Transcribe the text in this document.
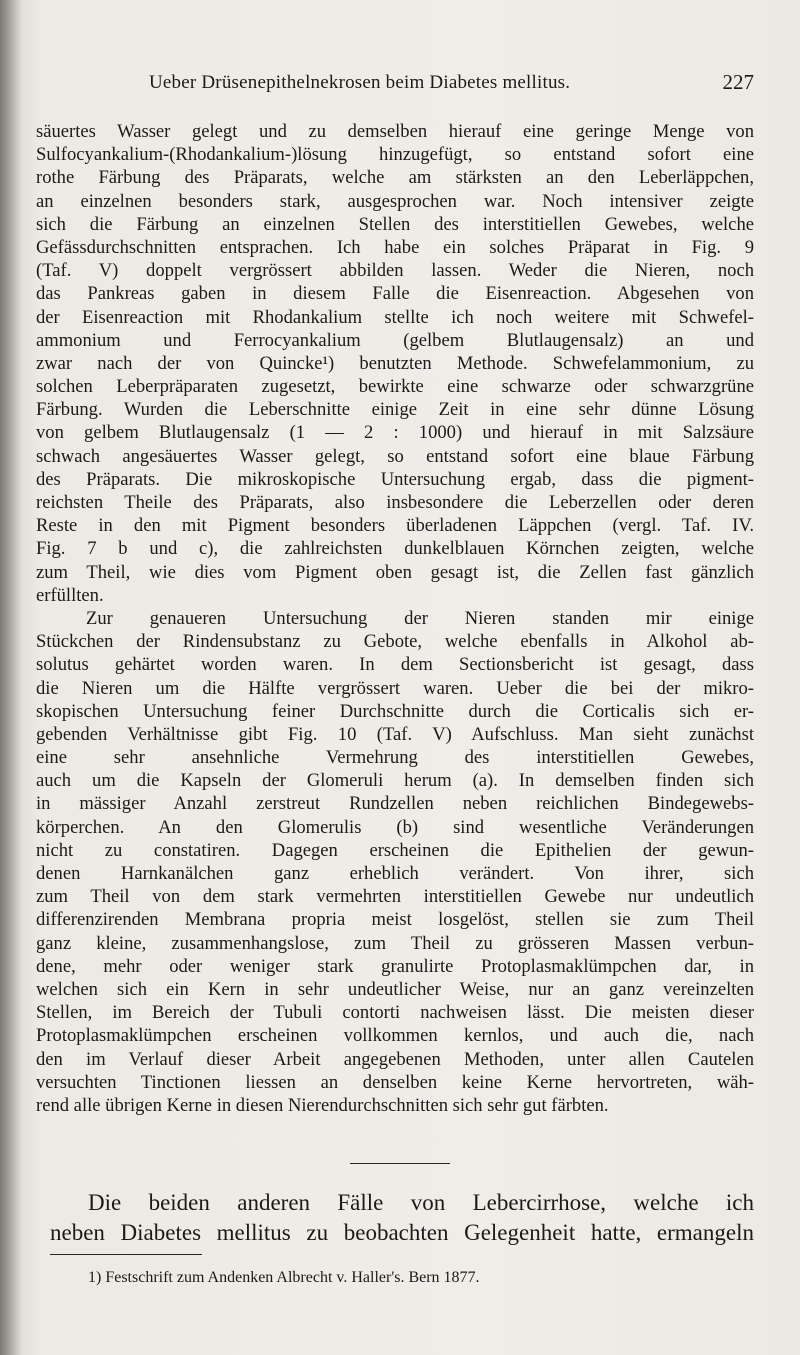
Ueber Drüsenepithelnekrosen beim Diabetes mellitus.	227
säuertes Wasser gelegt und zu demselben hierauf eine geringe Menge von
Sulfocyankalium-(Rhodankalium-)lösung hinzugefügt, so entstand sofort eine
rothe Färbung des Präparats, welche am stärksten an den Leberläppchen,
an einzelnen besonders stark, ausgesprochen war. Noch intensiver zeigte
sich die Färbung an einzelnen Stellen des interstitiellen Gewebes, welche
Gefässdurchschnitten entsprachen. Ich habe ein solches Präparat in Fig. 9
(Taf. V) doppelt vergrössert abbilden lassen. Weder die Nieren, noch
das Pankreas gaben in diesem Falle die Eisenreaction. Abgesehen von
der Eisenreaction mit Rhodankalium stellte ich noch weitere mit Schwefel-
ammonium und Ferrocyankalium (gelbem Blutlaugensalz) an und
zwar nach der von Quincke¹) benutzten Methode. Schwefelammonium, zu
solchen Leberpräparaten zugesetzt, bewirkte eine schwarze oder schwarzgrüne
Färbung. Wurden die Leberschnitte einige Zeit in eine sehr dünne Lösung
von gelbem Blutlaugensalz (1 — 2 : 1000) und hierauf in mit Salzsäure
schwach angesäuertes Wasser gelegt, so entstand sofort eine blaue Färbung
des Präparats. Die mikroskopische Untersuchung ergab, dass die pigment-
reichsten Theile des Präparats, also insbesondere die Leberzellen oder deren
Reste in den mit Pigment besonders überladenen Läppchen (vergl. Taf. IV.
Fig. 7 b und c), die zahlreichsten dunkelblauen Körnchen zeigten, welche
zum Theil, wie dies vom Pigment oben gesagt ist, die Zellen fast gänzlich
erfüllten.
Zur genaueren Untersuchung der Nieren standen mir einige
Stückchen der Rindensubstanz zu Gebote, welche ebenfalls in Alkohol ab-
solutus gehärtet worden waren. In dem Sectionsbericht ist gesagt, dass
die Nieren um die Hälfte vergrössert waren. Ueber die bei der mikro-
skopischen Untersuchung feiner Durchschnitte durch die Corticalis sich er-
gebenden Verhältnisse gibt Fig. 10 (Taf. V) Aufschluss. Man sieht zunächst
eine sehr ansehnliche Vermehrung des interstitiellen Gewebes,
auch um die Kapseln der Glomeruli herum (a). In demselben finden sich
in mässiger Anzahl zerstreut Rundzellen neben reichlichen Bindegewebs-
körperchen. An den Glomerulis (b) sind wesentliche Veränderungen
nicht zu constatiren. Dagegen erscheinen die Epithelien der gewun-
denen Harnkanälchen ganz erheblich verändert. Von ihrer, sich
zum Theil von dem stark vermehrten interstitiellen Gewebe nur undeutlich
differenzirenden Membrana propria meist losgelöst, stellen sie zum Theil
ganz kleine, zusammenhangslose, zum Theil zu grösseren Massen verbun-
dene, mehr oder weniger stark granulirte Protoplasmaklümpchen dar, in
welchen sich ein Kern in sehr undeutlicher Weise, nur an ganz vereinzelten
Stellen, im Bereich der Tubuli contorti nachweisen lässt. Die meisten dieser
Protoplasmaklümpchen erscheinen vollkommen kernlos, und auch die, nach
den im Verlauf dieser Arbeit angegebenen Methoden, unter allen Cautelen
versuchten Tinctionen liessen an denselben keine Kerne hervortreten, wäh-
rend alle übrigen Kerne in diesen Nierendurchschnitten sich sehr gut färbten.
Die beiden anderen Fälle von Lebercirrhose, welche ich
neben Diabetes mellitus zu beobachten Gelegenheit hatte, ermangeln
1) Festschrift zum Andenken Albrecht v. Haller's. Bern 1877.
